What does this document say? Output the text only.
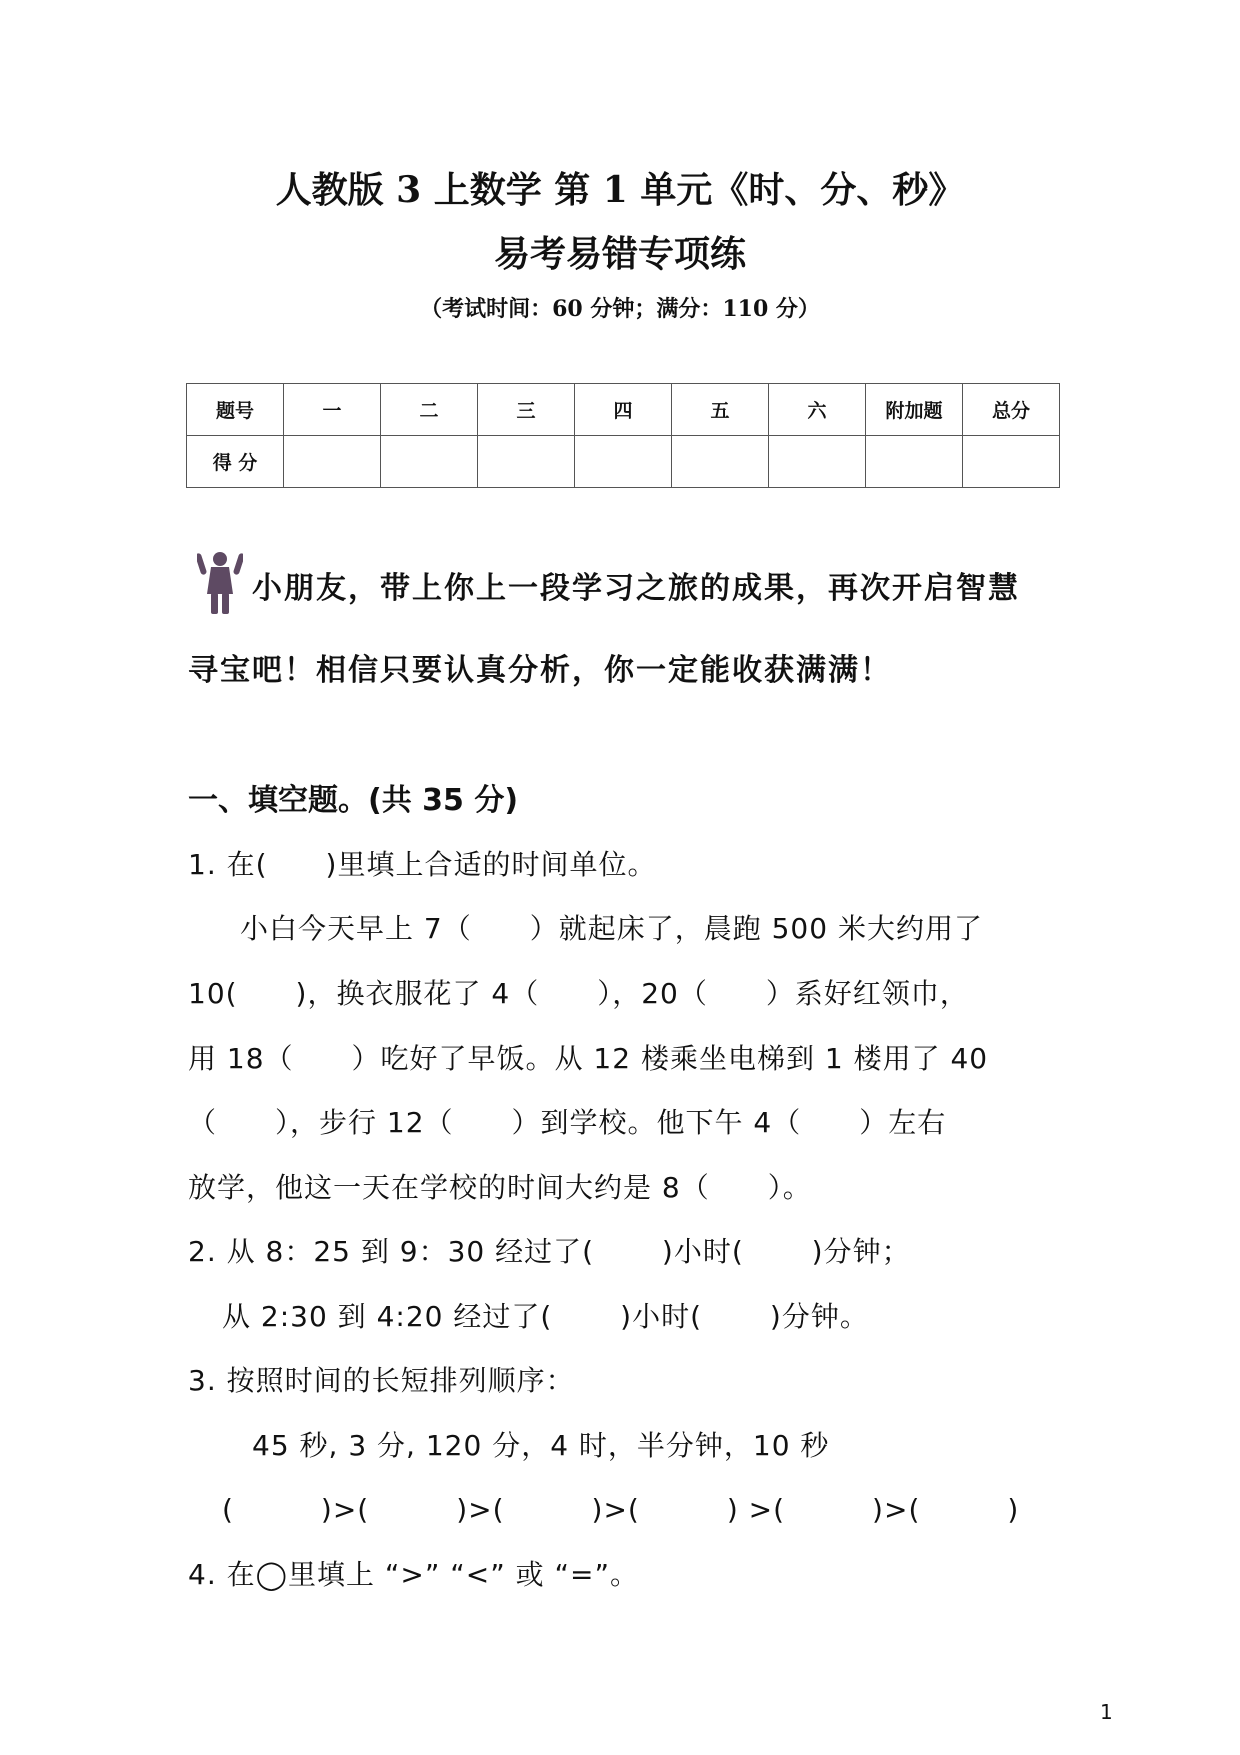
人教版 3 上数学 第 1 单元《时、分、秒》
易考易错专项练
（考试时间：60 分钟；满分：110 分）
题号	一	二	三	四	五	六	附加题	总分
得 分								
小朋友，带上你上一段学习之旅的成果，再次开启智慧
寻宝吧！相信只要认真分析，你一定能收获满满！
一、填空题。(共 35 分)
1. 在(　　)里填上合适的时间单位。
小白今天早上 7（　　）就起床了，晨跑 500 米大约用了
10(　　)，换衣服花了 4（　　），20（　　）系好红领巾，
用 18（　　）吃好了早饭。从 12 楼乘坐电梯到 1 楼用了 40
（　　），步行 12（　　）到学校。他下午 4（　　）左右
放学，他这一天在学校的时间大约是 8（　　）。
2. 从 8：25 到 9：30 经过了(　　 )小时(　　 )分钟；
从 2:30 到 4:20 经过了(　　 )小时(　　 )分钟。
3. 按照时间的长短排列顺序：
45 秒, 3 分, 120 分，4 时，半分钟，10 秒
(　　　)>(　　　)>(　　　)>(　　　) >(　　　)>(　　　)
4. 在◯里填上 “>” “<” 或 “=”。
1
